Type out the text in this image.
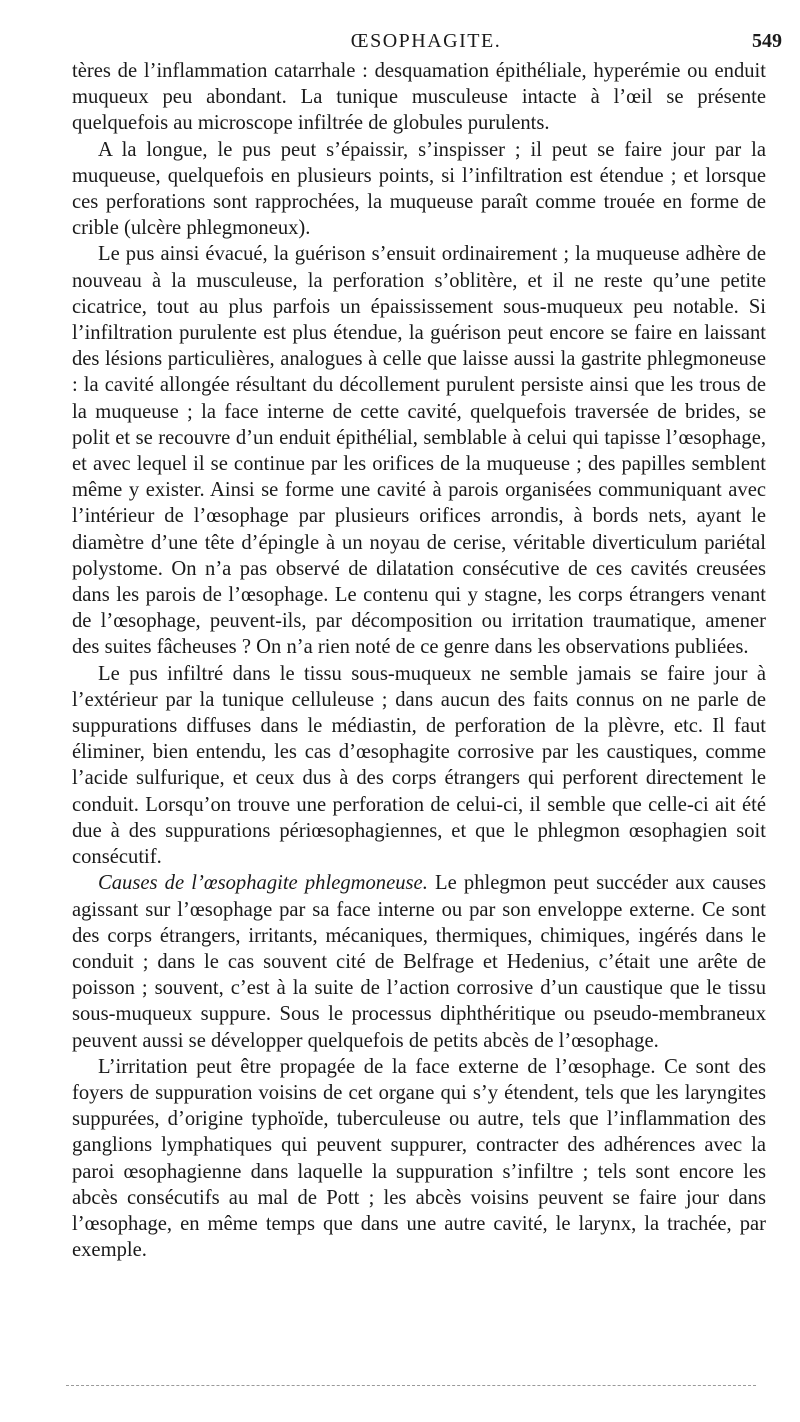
ŒSOPHAGITE.	549

tères de l’inflammation catarrhale : desquamation épithéliale, hyperémie ou enduit muqueux peu abondant. La tunique musculeuse intacte à l’œil se présente quelquefois au microscope infiltrée de globules purulents.

A la longue, le pus peut s’épaissir, s’inspisser ; il peut se faire jour par la muqueuse, quelquefois en plusieurs points, si l’infiltration est étendue ; et lorsque ces perforations sont rapprochées, la muqueuse paraît comme trouée en forme de crible (ulcère phlegmoneux).

Le pus ainsi évacué, la guérison s’ensuit ordinairement ; la muqueuse adhère de nouveau à la musculeuse, la perforation s’oblitère, et il ne reste qu’une petite cicatrice, tout au plus parfois un épaississement sous-muqueux peu notable. Si l’infiltration purulente est plus étendue, la guérison peut encore se faire en laissant des lésions particulières, analogues à celle que laisse aussi la gastrite phlegmoneuse : la cavité allongée résultant du décollement purulent persiste ainsi que les trous de la muqueuse ; la face interne de cette cavité, quelquefois traversée de brides, se polit et se recouvre d’un enduit épithélial, semblable à celui qui tapisse l’œsophage, et avec lequel il se continue par les orifices de la muqueuse ; des papilles semblent même y exister. Ainsi se forme une cavité à parois organisées communiquant avec l’intérieur de l’œsophage par plusieurs orifices arrondis, à bords nets, ayant le diamètre d’une tête d’épingle à un noyau de cerise, véritable diverticulum pariétal polystome. On n’a pas observé de dilatation consécutive de ces cavités creusées dans les parois de l’œsophage. Le contenu qui y stagne, les corps étrangers venant de l’œsophage, peuvent-ils, par décomposition ou irritation traumatique, amener des suites fâcheuses ? On n’a rien noté de ce genre dans les observations publiées.

Le pus infiltré dans le tissu sous-muqueux ne semble jamais se faire jour à l’extérieur par la tunique celluleuse ; dans aucun des faits connus on ne parle de suppurations diffuses dans le médiastin, de perforation de la plèvre, etc. Il faut éliminer, bien entendu, les cas d’œsophagite corrosive par les caustiques, comme l’acide sulfurique, et ceux dus à des corps étrangers qui perforent directement le conduit. Lorsqu’on trouve une perforation de celui-ci, il semble que celle-ci ait été due à des suppurations périœsophagiennes, et que le phlegmon œsophagien soit consécutif.

Causes de l’œsophagite phlegmoneuse. Le phlegmon peut succéder aux causes agissant sur l’œsophage par sa face interne ou par son enveloppe externe. Ce sont des corps étrangers, irritants, mécaniques, thermiques, chimiques, ingérés dans le conduit ; dans le cas souvent cité de Belfrage et Hedenius, c’était une arête de poisson ; souvent, c’est à la suite de l’action corrosive d’un caustique que le tissu sous-muqueux suppure. Sous le processus diphthéritique ou pseudo-membraneux peuvent aussi se développer quelquefois de petits abcès de l’œsophage.

L’irritation peut être propagée de la face externe de l’œsophage. Ce sont des foyers de suppuration voisins de cet organe qui s’y étendent, tels que les laryngites suppurées, d’origine typhoïde, tuberculeuse ou autre, tels que l’inflammation des ganglions lymphatiques qui peuvent suppurer, contracter des adhérences avec la paroi œsophagienne dans laquelle la suppuration s’infiltre ; tels sont encore les abcès consécutifs au mal de Pott ; les abcès voisins peuvent se faire jour dans l’œsophage, en même temps que dans une autre cavité, le larynx, la trachée, par exemple.
